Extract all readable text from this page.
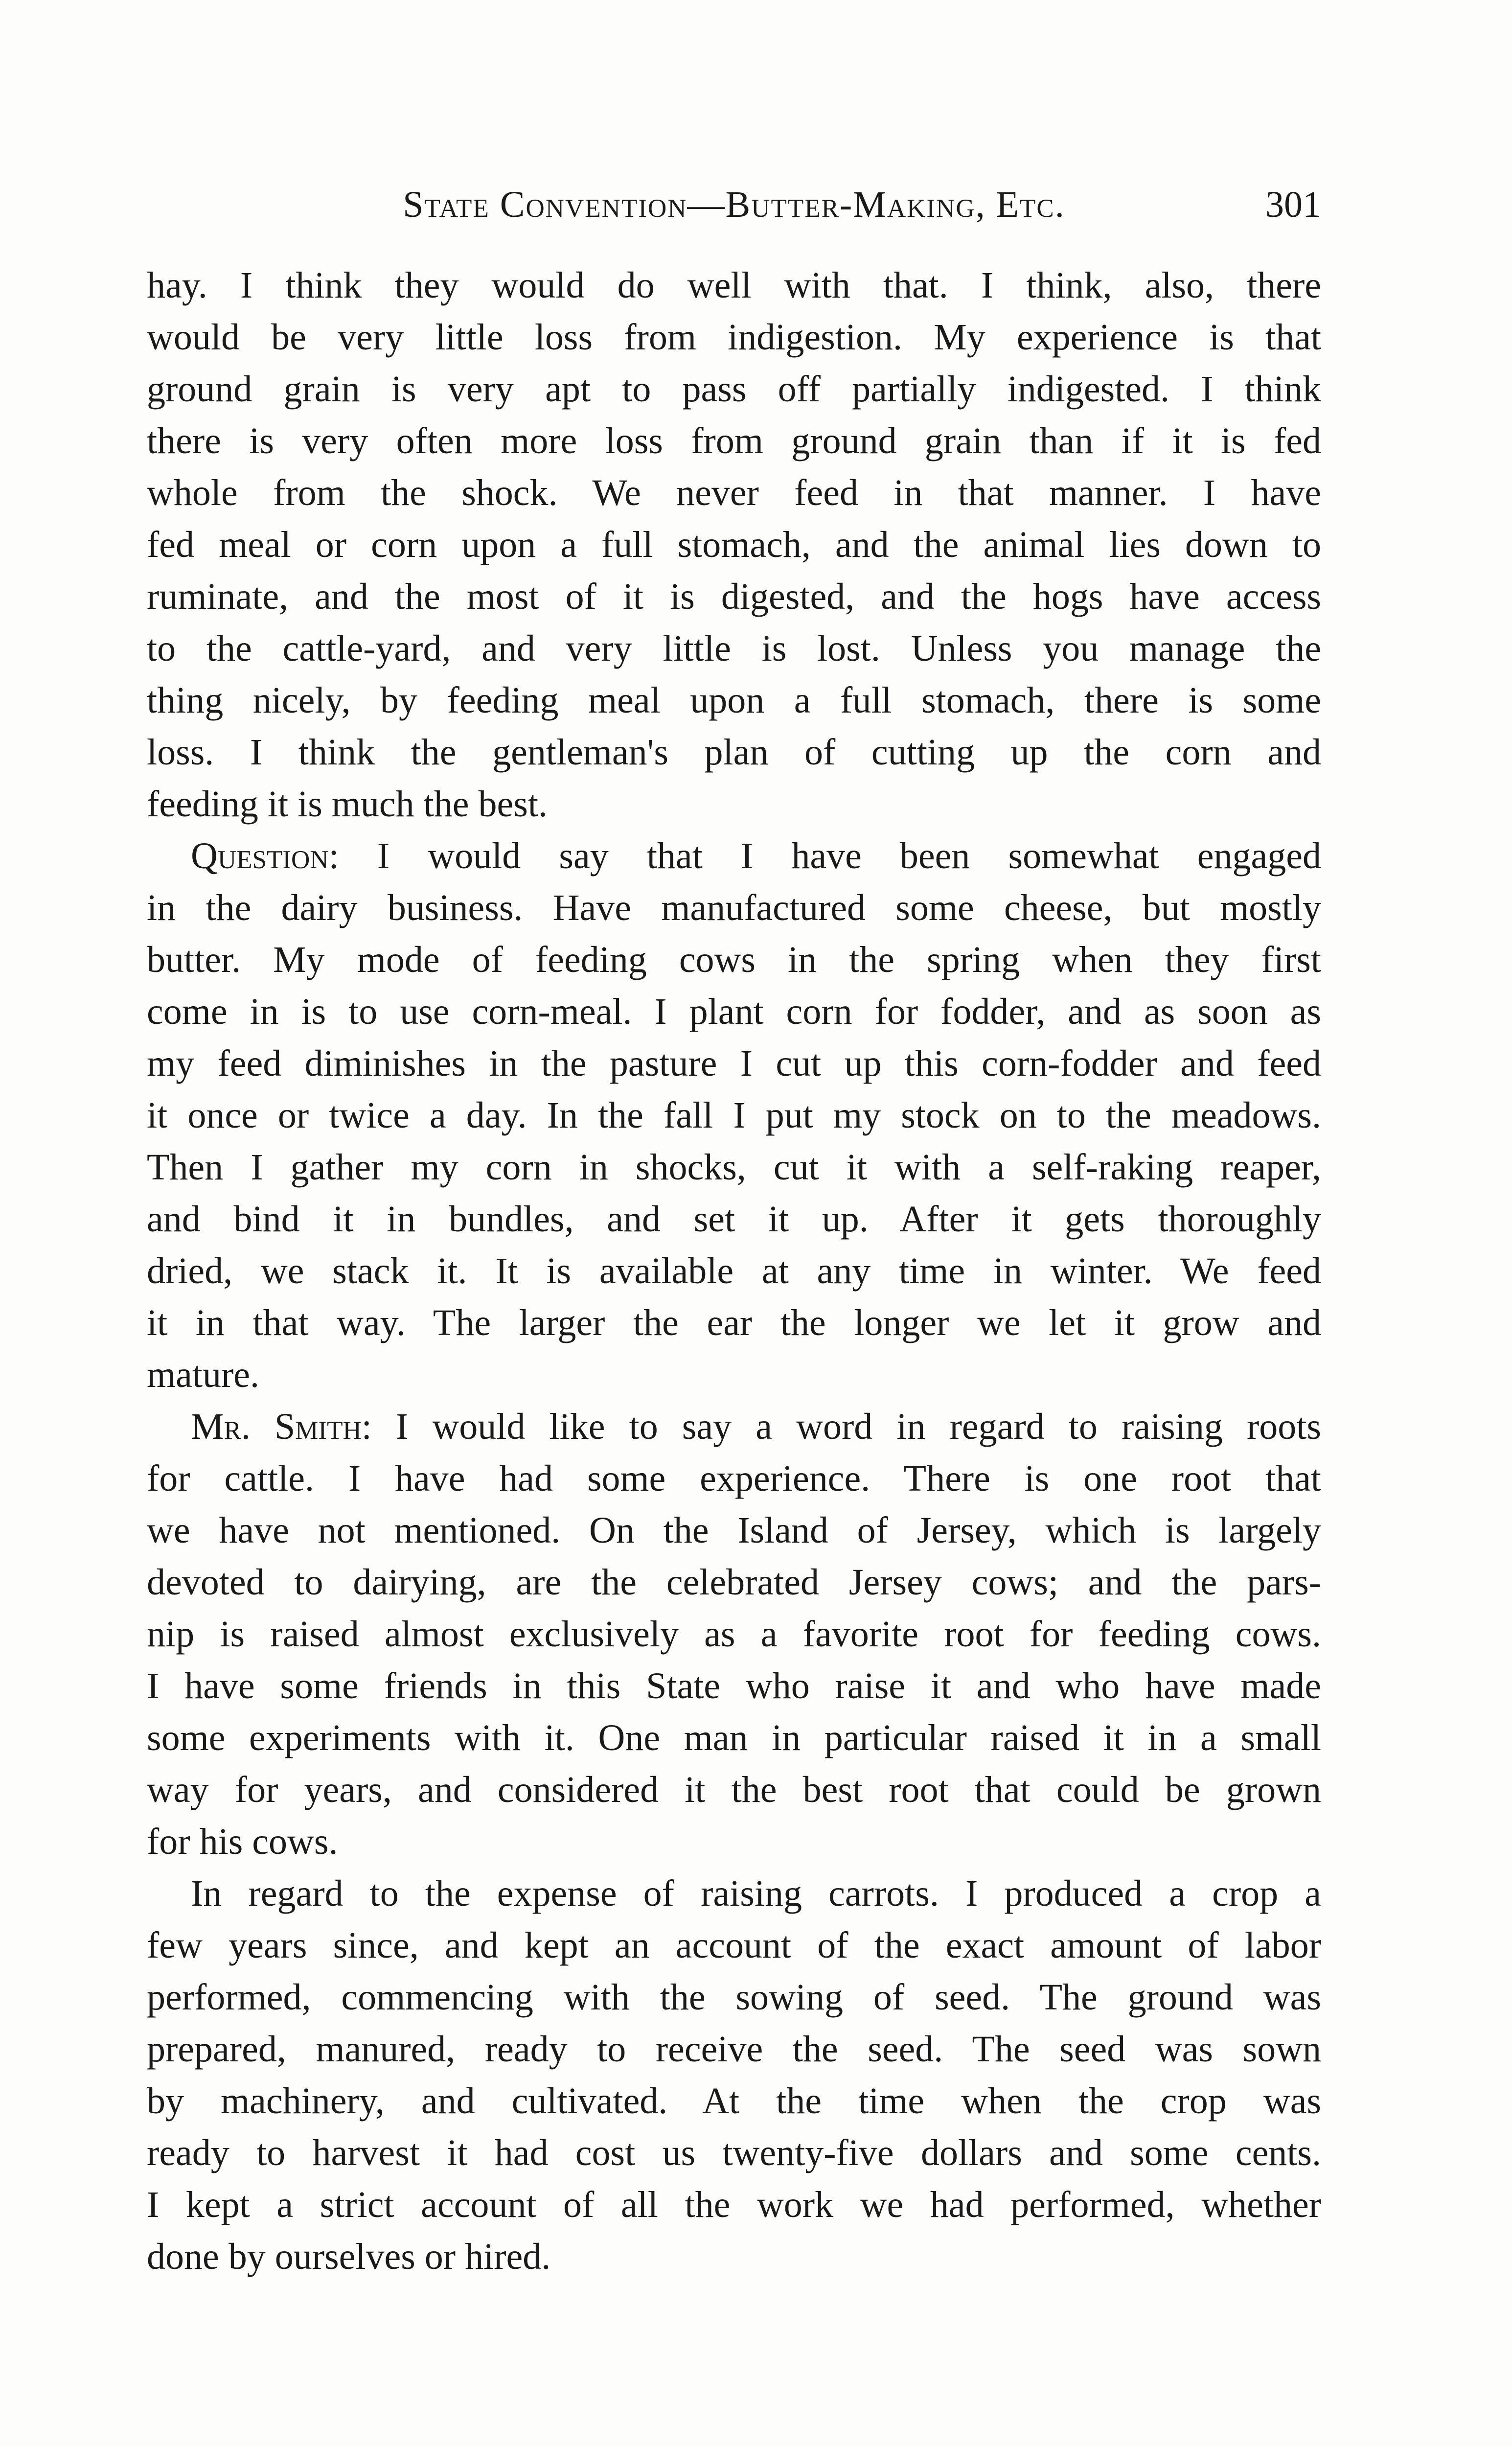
State Convention—Butter-Making, Etc.	301

hay. I think they would do well with that. I think, also, there
would be very little loss from indigestion. My experience is that
ground grain is very apt to pass off partially indigested. I think
there is very often more loss from ground grain than if it is fed
whole from the shock. We never feed in that manner. I have
fed meal or corn upon a full stomach, and the animal lies down to
ruminate, and the most of it is digested, and the hogs have access
to the cattle-yard, and very little is lost. Unless you manage the
thing nicely, by feeding meal upon a full stomach, there is some
loss. I think the gentleman's plan of cutting up the corn and
feeding it is much the best.

Question: I would say that I have been somewhat engaged
in the dairy business. Have manufactured some cheese, but mostly
butter. My mode of feeding cows in the spring when they first
come in is to use corn-meal. I plant corn for fodder, and as soon as
my feed diminishes in the pasture I cut up this corn-fodder and feed
it once or twice a day. In the fall I put my stock on to the meadows.
Then I gather my corn in shocks, cut it with a self-raking reaper,
and bind it in bundles, and set it up. After it gets thoroughly
dried, we stack it. It is available at any time in winter. We feed
it in that way. The larger the ear the longer we let it grow and
mature.

Mr. Smith: I would like to say a word in regard to raising roots
for cattle. I have had some experience. There is one root that
we have not mentioned. On the Island of Jersey, which is largely
devoted to dairying, are the celebrated Jersey cows; and the pars-
nip is raised almost exclusively as a favorite root for feeding cows.
I have some friends in this State who raise it and who have made
some experiments with it. One man in particular raised it in a small
way for years, and considered it the best root that could be grown
for his cows.

In regard to the expense of raising carrots. I produced a crop a
few years since, and kept an account of the exact amount of labor
performed, commencing with the sowing of seed. The ground was
prepared, manured, ready to receive the seed. The seed was sown
by machinery, and cultivated. At the time when the crop was
ready to harvest it had cost us twenty-five dollars and some cents.
I kept a strict account of all the work we had performed, whether
done by ourselves or hired.
